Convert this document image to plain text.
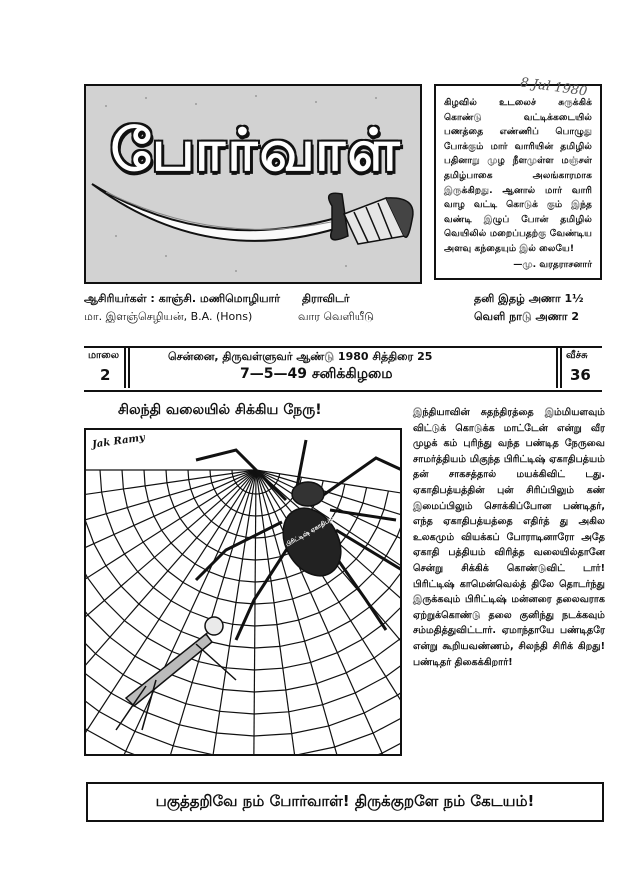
போர்வாள்

கிழவில் உடலைச் சுருக்கிக் கொண்டு வட்டிக்கடையில் பணத்தை எண்ணிப் பொழுது போக்கும் மார் வாரியின் தமிழில் பதினாறு முழ நீளமுள்ள மஞ்சள் தமிழ்பாகை அலங்காரமாக இருக்கிறது. ஆனால் மார் வாரி வாழ வட்டி கொடுக் கும் இந்த வண்டி இழுப் போன் தமிழில் வெயிலில் மறைப்பதற்கு வேண்டிய அளவு கந்தையும் இல் லையே!

—மு. வரதராசனார்
8 Jul 1980
ஆசிரியர்கள் : காஞ்சி. மணிமொழியார்
மா. இளஞ்செழியன், B.A. (Hons)
திராவிடர்
வார வெளியீடு
தனி இதழ் அணா 1½
வெளி நாடு அணா 2
மாலை
2
சென்னை, திருவள்ளுவர் ஆண்டு 1980 சித்திரை 25
7—5—49 சனிக்கிழமை
வீச்சு
36
சிலந்தி வலையில் சிக்கிய நேரு!
பிரிட்டிஷ் ஏகாதிபத்யம்
Jak Ramy

இந்தியாவின் சுதந்திரத்தை இம்மியளவும் விட்டுக் கொடுக்க மாட்டேன் என்று வீர முழக் கம் புரிந்து வந்த பண்டித நேருவை சாமர்த்தியம் மிகுந்த பிரிட்டிஷ் ஏகாதிபத்யம் தன் சாகசத்தால் மயக்கிவிட் டது. ஏகாதிபத்யத்தின் புன் சிரிப்பிலும் கண் இமைப்பிலும் சொக்கிப்போன பண்டிதர், எந்த ஏகாதிபத்யத்தை எதிர்த் து அகில உலகமும் வியக்கப் போராடினாரோ அதே ஏகாதி பத்தியம் விரித்த வலையில்தானே சென்று சிக்கிக் கொண்டுவிட் டார்! பிரிட்டிஷ் காமென்வெல்த் திலே தொடர்ந்து இருக்கவும் பிரிட்டிஷ் மன்னரை தலைவராக ஏற்றுக்கொண்டு தலை குனிந்து நடக்கவும் சம்மதித்துவிட்டார். ஏமாந்தாயே பண்டிதரே என்று கூறியவண்ணம், சிலந்தி சிரிக் கிறது! பண்டிதர் திகைக்கிறார்!

பகுத்தறிவே நம் போர்வாள்! திருக்குறளே நம் கேடயம்!
